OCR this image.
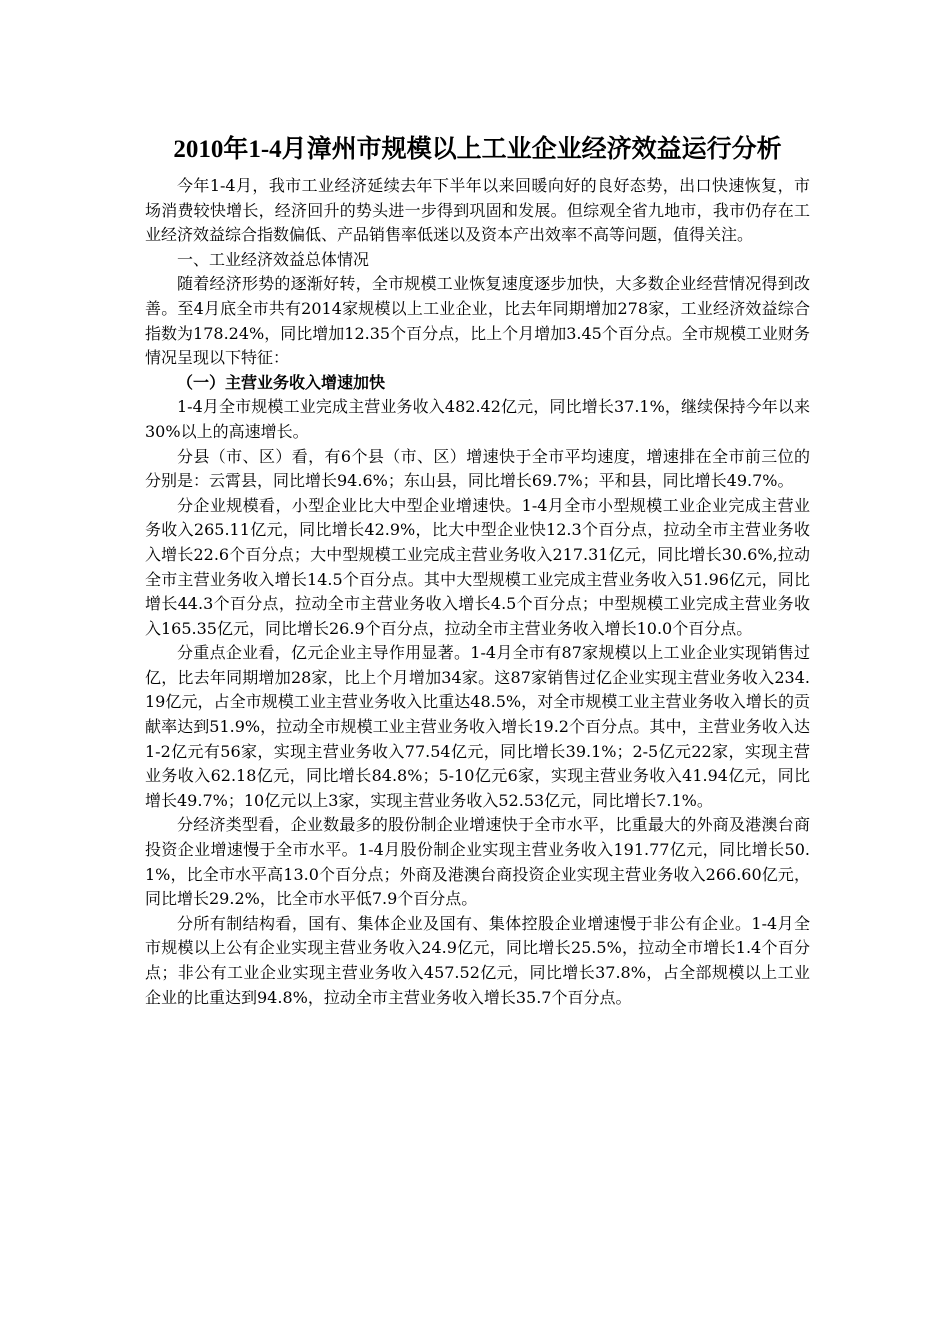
2010年1-4月漳州市规模以上工业企业经济效益运行分析

今年1-4月，我市工业经济延续去年下半年以来回暖向好的良好态势，出口快速恢复，市场消费较快增长，经济回升的势头进一步得到巩固和发展。但综观全省九地市，我市仍存在工业经济效益综合指数偏低、产品销售率低迷以及资本产出效率不高等问题，值得关注。

一、工业经济效益总体情况

随着经济形势的逐渐好转，全市规模工业恢复速度逐步加快，大多数企业经营情况得到改善。至4月底全市共有2014家规模以上工业企业，比去年同期增加278家，工业经济效益综合指数为178.24%，同比增加12.35个百分点，比上个月增加3.45个百分点。全市规模工业财务情况呈现以下特征：

（一）主营业务收入增速加快

1-4月全市规模工业完成主营业务收入482.42亿元，同比增长37.1%，继续保持今年以来30%以上的高速增长。

分县（市、区）看，有6个县（市、区）增速快于全市平均速度，增速排在全市前三位的分别是：云霄县，同比增长94.6%；东山县，同比增长69.7%；平和县，同比增长49.7%。

分企业规模看，小型企业比大中型企业增速快。1-4月全市小型规模工业企业完成主营业务收入265.11亿元，同比增长42.9%，比大中型企业快12.3个百分点，拉动全市主营业务收入增长22.6个百分点；大中型规模工业完成主营业务收入217.31亿元，同比增长30.6%,拉动全市主营业务收入增长14.5个百分点。其中大型规模工业完成主营业务收入51.96亿元，同比增长44.3个百分点，拉动全市主营业务收入增长4.5个百分点；中型规模工业完成主营业务收入165.35亿元，同比增长26.9个百分点，拉动全市主营业务收入增长10.0个百分点。

分重点企业看，亿元企业主导作用显著。1-4月全市有87家规模以上工业企业实现销售过亿，比去年同期增加28家，比上个月增加34家。这87家销售过亿企业实现主营业务收入234.19亿元，占全市规模工业主营业务收入比重达48.5%，对全市规模工业主营业务收入增长的贡献率达到51.9%，拉动全市规模工业主营业务收入增长19.2个百分点。其中，主营业务收入达1-2亿元有56家，实现主营业务收入77.54亿元，同比增长39.1%；2-5亿元22家，实现主营业务收入62.18亿元，同比增长84.8%；5-10亿元6家，实现主营业务收入41.94亿元，同比增长49.7%；10亿元以上3家，实现主营业务收入52.53亿元，同比增长7.1%。

分经济类型看，企业数最多的股份制企业增速快于全市水平，比重最大的外商及港澳台商投资企业增速慢于全市水平。1-4月股份制企业实现主营业务收入191.77亿元，同比增长50.1%，比全市水平高13.0个百分点；外商及港澳台商投资企业实现主营业务收入266.60亿元，同比增长29.2%，比全市水平低7.9个百分点。

分所有制结构看，国有、集体企业及国有、集体控股企业增速慢于非公有企业。1-4月全市规模以上公有企业实现主营业务收入24.9亿元，同比增长25.5%，拉动全市增长1.4个百分点；非公有工业企业实现主营业务收入457.52亿元，同比增长37.8%，占全部规模以上工业企业的比重达到94.8%，拉动全市主营业务收入增长35.7个百分点。
